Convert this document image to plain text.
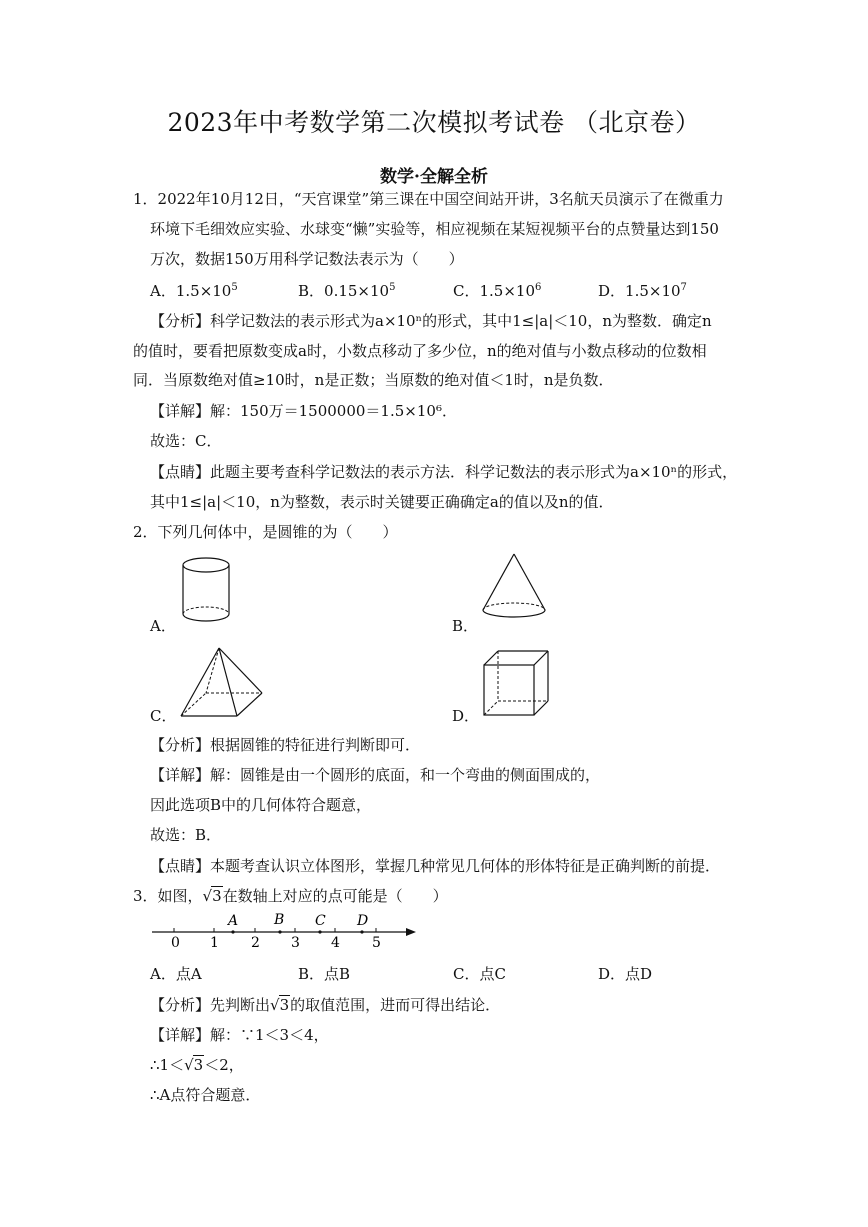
2023年中考数学第二次模拟考试卷 （北京卷）
数学·全解全析
1．2022年10月12日，“天宫课堂”第三课在中国空间站开讲，3名航天员演示了在微重力
环境下毛细效应实验、水球变“懒”实验等，相应视频在某短视频平台的点赞量达到150
万次，数据150万用科学记数法表示为（　　）
A．$1.5\times 10^5$	B．$0.15\times 10^5$	C．$1.5\times 10^6$	D．$1.5\times 10^7$
【分析】科学记数法的表示形式为a×10ⁿ的形式，其中1≤|a|＜10，n为整数．确定n
的值时，要看把原数变成a时，小数点移动了多少位，n的绝对值与小数点移动的位数相
同．当原数绝对值≥10时，n是正数；当原数的绝对值＜1时，n是负数．
【详解】解：150万＝1500000＝1.5×10⁶．
故选：C．
【点睛】此题主要考查科学记数法的表示方法．科学记数法的表示形式为a×10ⁿ的形式，
其中1≤|a|＜10，n为整数，表示时关键要正确确定a的值以及n的值．
2．下列几何体中，是圆锥的为（　　）
A．	B．
C．	D．
【分析】根据圆锥的特征进行判断即可．
【详解】解：圆锥是由一个圆形的底面，和一个弯曲的侧面围成的，
因此选项B中的几何体符合题意，
故选：B．
【点睛】本题考查认识立体图形，掌握几种常见几何体的形体特征是正确判断的前提．
3．如图，√3在数轴上对应的点可能是（　　）
0 1 2 3 4 5
A	B C D
A．点A	B．点B	C．点C	D．点D
【分析】先判断出√3的取值范围，进而可得出结论．
【详解】解：∵1＜3＜4，
∴1＜√3＜2，
∴A点符合题意．
